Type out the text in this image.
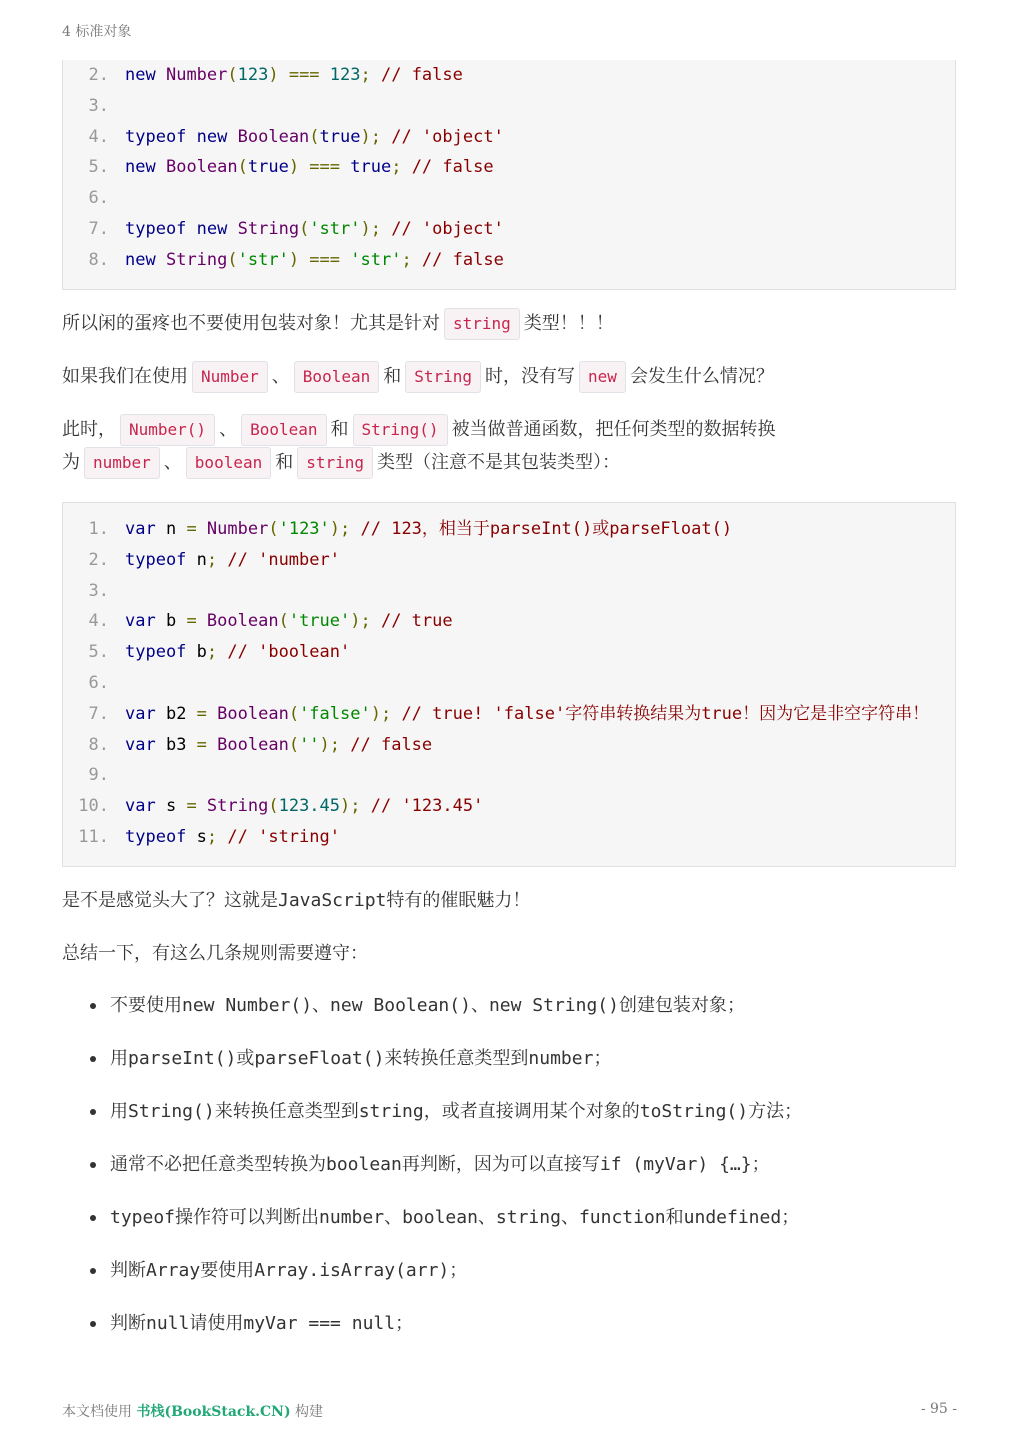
4 标准对象
2. new Number(123) === 123; // false
3.
4. typeof new Boolean(true); // 'object'
5. new Boolean(true) === true; // false
6.
7. typeof new String('str'); // 'object'
8. new String('str') === 'str'; // false
所以闲的蛋疼也不要使用包装对象！尤其是针对 string 类型！！！
如果我们在使用 Number 、 Boolean 和 String 时，没有写 new 会发生什么情况？
此时， Number() 、 Boolean 和 String() 被当做普通函数，把任何类型的数据转换
为 number 、 boolean 和 string 类型（注意不是其包装类型）：
1. var n = Number('123'); // 123，相当于parseInt()或parseFloat()
2. typeof n; // 'number'
3.
4. var b = Boolean('true'); // true
5. typeof b; // 'boolean'
6.
7. var b2 = Boolean('false'); // true! 'false'字符串转换结果为true！因为它是非空字符串！
8. var b3 = Boolean(''); // false
9.
10. var s = String(123.45); // '123.45'
11. typeof s; // 'string'
是不是感觉头大了？这就是JavaScript特有的催眠魅力！
总结一下，有这么几条规则需要遵守：
不要使用new Number()、new Boolean()、new String()创建包装对象；
用parseInt()或parseFloat()来转换任意类型到number；
用String()来转换任意类型到string，或者直接调用某个对象的toString()方法；
通常不必把任意类型转换为boolean再判断，因为可以直接写if (myVar) {…}；
typeof操作符可以判断出number、boolean、string、function和undefined；
判断Array要使用Array.isArray(arr)；
判断null请使用myVar === null；
本文档使用 书栈(BookStack.CN) 构建	- 95 -
